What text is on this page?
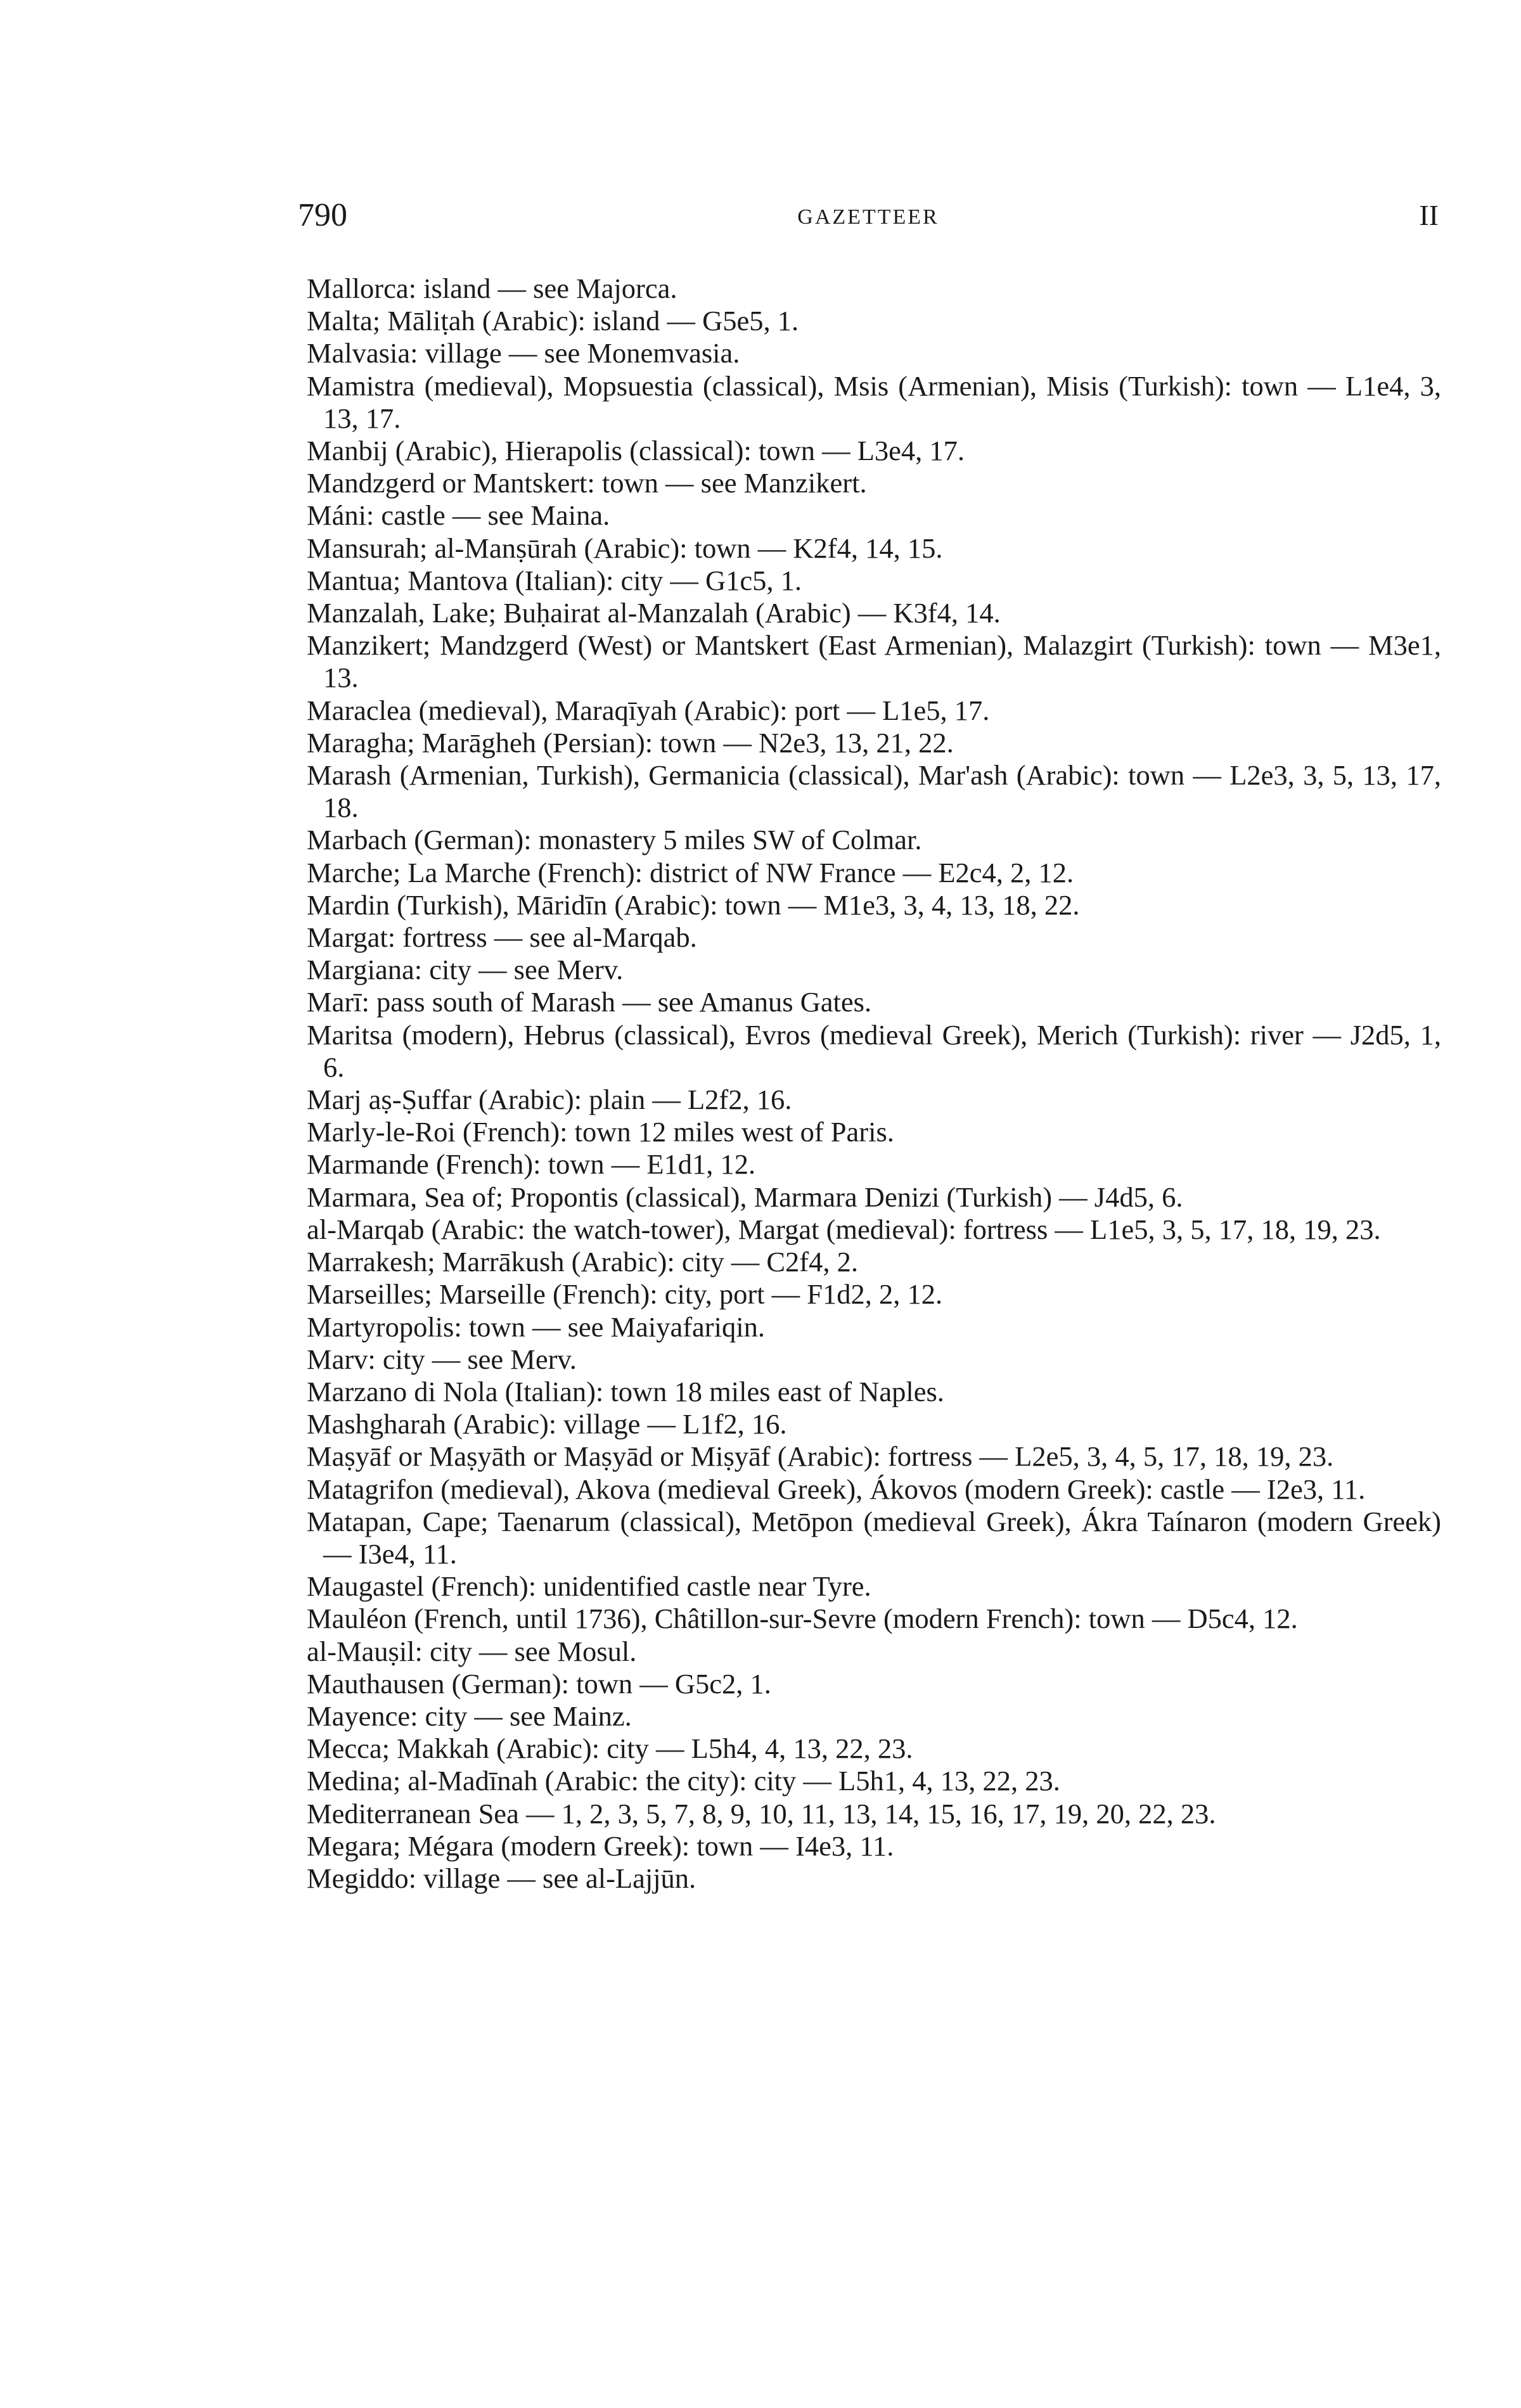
790	GAZETTEER	II
Mallorca: island — see Majorca.
Malta; Māliṭah (Arabic): island — G5e5, 1.
Malvasia: village — see Monemvasia.
Mamistra (medieval), Mopsuestia (classical), Msis (Armenian), Misis (Turkish): town — L1e4, 3, 13, 17.
Manbij (Arabic), Hierapolis (classical): town — L3e4, 17.
Mandzgerd or Mantskert: town — see Manzikert.
Máni: castle — see Maina.
Mansurah; al-Manṣūrah (Arabic): town — K2f4, 14, 15.
Mantua; Mantova (Italian): city — G1c5, 1.
Manzalah, Lake; Buḥairat al-Manzalah (Arabic) — K3f4, 14.
Manzikert; Mandzgerd (West) or Mantskert (East Armenian), Malazgirt (Turkish): town — M3e1, 13.
Maraclea (medieval), Maraqīyah (Arabic): port — L1e5, 17.
Maragha; Marāgheh (Persian): town — N2e3, 13, 21, 22.
Marash (Armenian, Turkish), Germanicia (classical), Mar'ash (Arabic): town — L2e3, 3, 5, 13, 17, 18.
Marbach (German): monastery 5 miles SW of Colmar.
Marche; La Marche (French): district of NW France — E2c4, 2, 12.
Mardin (Turkish), Māridīn (Arabic): town — M1e3, 3, 4, 13, 18, 22.
Margat: fortress — see al-Marqab.
Margiana: city — see Merv.
Marī: pass south of Marash — see Amanus Gates.
Maritsa (modern), Hebrus (classical), Evros (medieval Greek), Merich (Turkish): river — J2d5, 1, 6.
Marj aṣ-Ṣuffar (Arabic): plain — L2f2, 16.
Marly-le-Roi (French): town 12 miles west of Paris.
Marmande (French): town — E1d1, 12.
Marmara, Sea of; Propontis (classical), Marmara Denizi (Turkish) — J4d5, 6.
al-Marqab (Arabic: the watch-tower), Margat (medieval): fortress — L1e5, 3, 5, 17, 18, 19, 23.
Marrakesh; Marrākush (Arabic): city — C2f4, 2.
Marseilles; Marseille (French): city, port — F1d2, 2, 12.
Martyropolis: town — see Maiyafariqin.
Marv: city — see Merv.
Marzano di Nola (Italian): town 18 miles east of Naples.
Mashgharah (Arabic): village — L1f2, 16.
Maṣyāf or Maṣyāth or Maṣyād or Miṣyāf (Arabic): fortress — L2e5, 3, 4, 5, 17, 18, 19, 23.
Matagrifon (medieval), Akova (medieval Greek), Ákovos (modern Greek): castle — I2e3, 11.
Matapan, Cape; Taenarum (classical), Metōpon (medieval Greek), Ákra Taínaron (modern Greek) — I3e4, 11.
Maugastel (French): unidentified castle near Tyre.
Mauléon (French, until 1736), Châtillon-sur-Sevre (modern French): town — D5c4, 12.
al-Mauṣil: city — see Mosul.
Mauthausen (German): town — G5c2, 1.
Mayence: city — see Mainz.
Mecca; Makkah (Arabic): city — L5h4, 4, 13, 22, 23.
Medina; al-Madīnah (Arabic: the city): city — L5h1, 4, 13, 22, 23.
Mediterranean Sea — 1, 2, 3, 5, 7, 8, 9, 10, 11, 13, 14, 15, 16, 17, 19, 20, 22, 23.
Megara; Mégara (modern Greek): town — I4e3, 11.
Megiddo: village — see al-Lajjūn.
